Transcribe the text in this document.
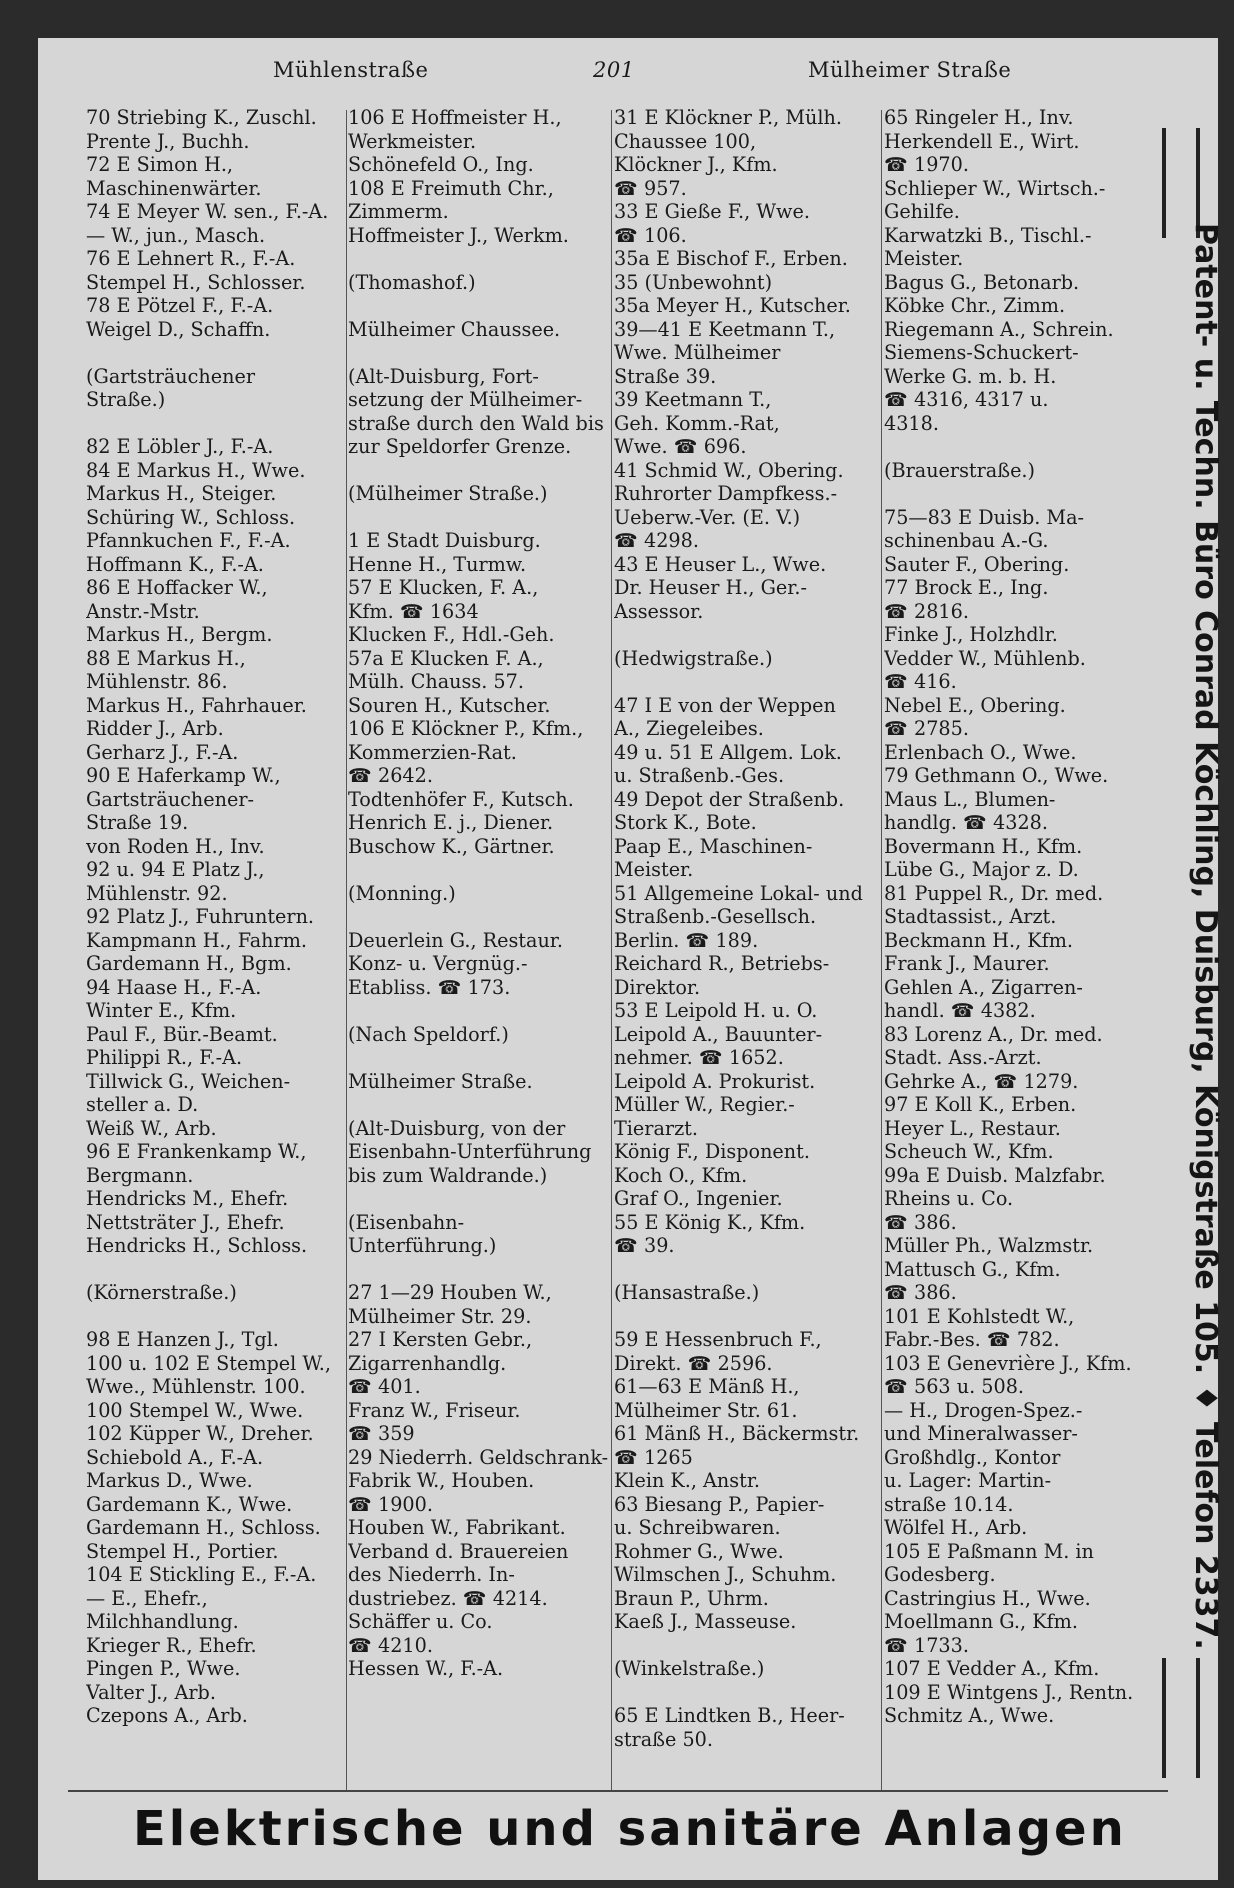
Mühlenstraße	201	Mülheimer Straße
70 Striebing K., Zuschl.
Prente J., Buchh.
72 E Simon H.,
Maschinenwärter.
74 E Meyer W. sen., F.-A.
— W., jun., Masch.
76 E Lehnert R., F.-A.
Stempel H., Schlosser.
78 E Pötzel F., F.-A.
Weigel D., Schaffn.
(Gartsträuchener
Straße.)
82 E Löbler J., F.-A.
84 E Markus H., Wwe.
Markus H., Steiger.
Schüring W., Schloss.
Pfannkuchen F., F.-A.
Hoffmann K., F.-A.
86 E Hoffacker W.,
Anstr.-Mstr.
Markus H., Bergm.
88 E Markus H.,
Mühlenstr. 86.
Markus H., Fahrhauer.
Ridder J., Arb.
Gerharz J., F.-A.
90 E Haferkamp W.,
Gartsträuchener-
Straße 19.
von Roden H., Inv.
92 u. 94 E Platz J.,
Mühlenstr. 92.
92 Platz J., Fuhruntern.
Kampmann H., Fahrm.
Gardemann H., Bgm.
94 Haase H., F.-A.
Winter E., Kfm.
Paul F., Bür.-Beamt.
Philippi R., F.-A.
Tillwick G., Weichen-
steller a. D.
Weiß W., Arb.
96 E Frankenkamp W.,
Bergmann.
Hendricks M., Ehefr.
Nettsträter J., Ehefr.
Hendricks H., Schloss.
(Körnerstraße.)
98 E Hanzen J., Tgl.
100 u. 102 E Stempel W.,
Wwe., Mühlenstr. 100.
100 Stempel W., Wwe.
102 Küpper W., Dreher.
Schiebold A., F.-A.
Markus D., Wwe.
Gardemann K., Wwe.
Gardemann H., Schloss.
Stempel H., Portier.
104 E Stickling E., F.-A.
— E., Ehefr.,
Milchhandlung.
Krieger R., Ehefr.
Pingen P., Wwe.
Valter J., Arb.
Czepons A., Arb.
106 E Hoffmeister H.,
Werkmeister.
Schönefeld O., Ing.
108 E Freimuth Chr.,
Zimmerm.
Hoffmeister J., Werkm.
(Thomashof.)
Mülheimer Chaussee.
(Alt-Duisburg, Fort-
setzung der Mülheimer-
straße durch den Wald bis
zur Speldorfer Grenze.
(Mülheimer Straße.)
1 E Stadt Duisburg.
Henne H., Turmw.
57 E Klucken, F. A.,
Kfm. ☎ 1634
Klucken F., Hdl.-Geh.
57a E Klucken F. A.,
Mülh. Chauss. 57.
Souren H., Kutscher.
106 E Klöckner P., Kfm.,
Kommerzien-Rat.
☎ 2642.
Todtenhöfer F., Kutsch.
Henrich E. j., Diener.
Buschow K., Gärtner.
(Monning.)
Deuerlein G., Restaur.
Konz- u. Vergnüg.-
Etabliss. ☎ 173.
(Nach Speldorf.)
Mülheimer Straße.
(Alt-Duisburg, von der
Eisenbahn-Unterführung
bis zum Waldrande.)
(Eisenbahn-
Unterführung.)
27 1—29 Houben W.,
Mülheimer Str. 29.
27 I Kersten Gebr.,
Zigarrenhandlg.
☎ 401.
Franz W., Friseur.
☎ 359
29 Niederrh. Geldschrank-
Fabrik W., Houben.
☎ 1900.
Houben W., Fabrikant.
Verband d. Brauereien
des Niederrh. In-
dustriebez. ☎ 4214.
Schäffer u. Co.
☎ 4210.
Hessen W., F.-A.
31 E Klöckner P., Mülh.
Chaussee 100,
Klöckner J., Kfm.
☎ 957.
33 E Gieße F., Wwe.
☎ 106.
35a E Bischof F., Erben.
35 (Unbewohnt)
35a Meyer H., Kutscher.
39—41 E Keetmann T.,
Wwe. Mülheimer
Straße 39.
39 Keetmann T.,
Geh. Komm.-Rat,
Wwe. ☎ 696.
41 Schmid W., Obering.
Ruhrorter Dampfkess.-
Ueberw.-Ver. (E. V.)
☎ 4298.
43 E Heuser L., Wwe.
Dr. Heuser H., Ger.-
Assessor.
(Hedwigstraße.)
47 I E von der Weppen
A., Ziegeleibes.
49 u. 51 E Allgem. Lok.
u. Straßenb.-Ges.
49 Depot der Straßenb.
Stork K., Bote.
Paap E., Maschinen-
Meister.
51 Allgemeine Lokal- und
Straßenb.-Gesellsch.
Berlin. ☎ 189.
Reichard R., Betriebs-
Direktor.
53 E Leipold H. u. O.
Leipold A., Bauunter-
nehmer. ☎ 1652.
Leipold A. Prokurist.
Müller W., Regier.-
Tierarzt.
König F., Disponent.
Koch O., Kfm.
Graf O., Ingenier.
55 E König K., Kfm.
☎ 39.
(Hansastraße.)
59 E Hessenbruch F.,
Direkt. ☎ 2596.
61—63 E Mänß H.,
Mülheimer Str. 61.
61 Mänß H., Bäckermstr.
☎ 1265
Klein K., Anstr.
63 Biesang P., Papier-
u. Schreibwaren.
Rohmer G., Wwe.
Wilmschen J., Schuhm.
Braun P., Uhrm.
Kaeß J., Masseuse.
(Winkelstraße.)
65 E Lindtken B., Heer-
straße 50.
65 Ringeler H., Inv.
Herkendell E., Wirt.
☎ 1970.
Schlieper W., Wirtsch.-
Gehilfe.
Karwatzki B., Tischl.-
Meister.
Bagus G., Betonarb.
Köbke Chr., Zimm.
Riegemann A., Schrein.
Siemens-Schuckert-
Werke G. m. b. H.
☎ 4316, 4317 u.
4318.
(Brauerstraße.)
75—83 E Duisb. Ma-
schinenbau A.-G.
Sauter F., Obering.
77 Brock E., Ing.
☎ 2816.
Finke J., Holzhdlr.
Vedder W., Mühlenb.
☎ 416.
Nebel E., Obering.
☎ 2785.
Erlenbach O., Wwe.
79 Gethmann O., Wwe.
Maus L., Blumen-
handlg. ☎ 4328.
Bovermann H., Kfm.
Lübe G., Major z. D.
81 Puppel R., Dr. med.
Stadtassist., Arzt.
Beckmann H., Kfm.
Frank J., Maurer.
Gehlen A., Zigarren-
handl. ☎ 4382.
83 Lorenz A., Dr. med.
Stadt. Ass.-Arzt.
Gehrke A., ☎ 1279.
97 E Koll K., Erben.
Heyer L., Restaur.
Scheuch W., Kfm.
99a E Duisb. Malzfabr.
Rheins u. Co.
☎ 386.
Müller Ph., Walzmstr.
Mattusch G., Kfm.
☎ 386.
101 E Kohlstedt W.,
Fabr.-Bes. ☎ 782.
103 E Genevrière J., Kfm.
☎ 563 u. 508.
— H., Drogen-Spez.-
und Mineralwasser-
Großhdlg., Kontor
u. Lager: Martin-
straße 10.14.
Wölfel H., Arb.
105 E Paßmann M. in
Godesberg.
Castringius H., Wwe.
Moellmann G., Kfm.
☎ 1733.
107 E Vedder A., Kfm.
109 E Wintgens J., Rentn.
Schmitz A., Wwe.
Elektrische und sanitäre Anlagen
Patent- u. Techn. Büro Conrad Köchling, Duisburg, Königstraße 105. ♦ Telefon 2337.
